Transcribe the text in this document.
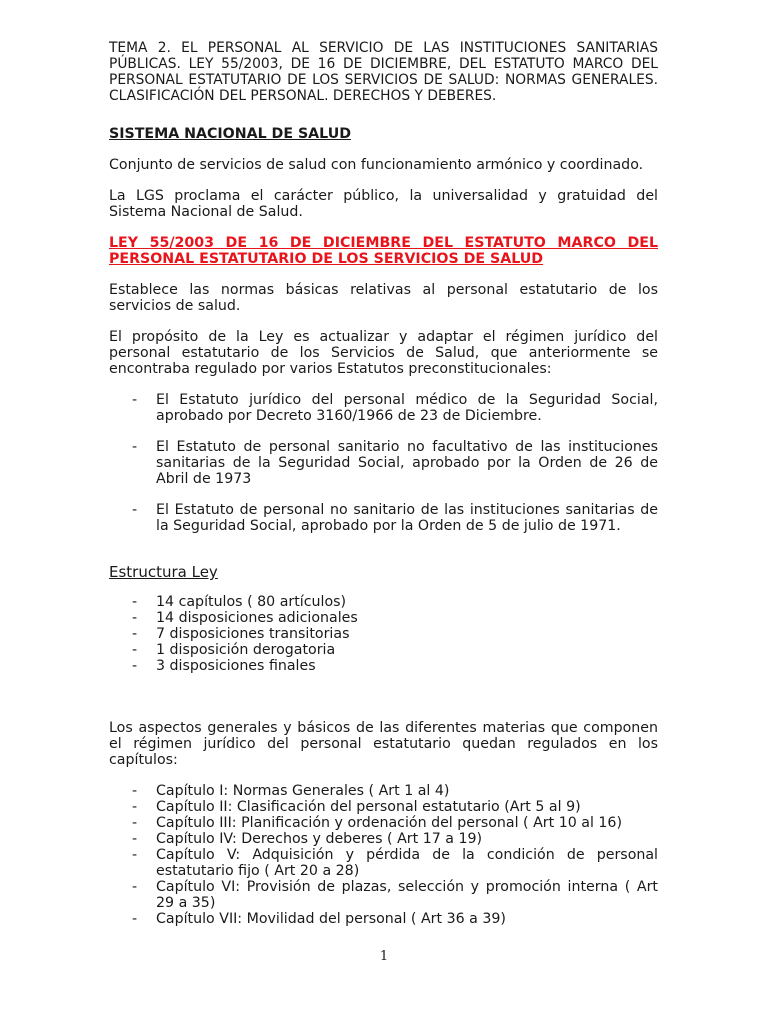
TEMA 2. EL PERSONAL AL SERVICIO DE LAS INSTITUCIONES SANITARIAS PÚBLICAS. LEY 55/2003, DE 16 DE DICIEMBRE, DEL ESTATUTO MARCO DEL PERSONAL ESTATUTARIO DE LOS SERVICIOS DE SALUD: NORMAS GENERALES. CLASIFICACIÓN DEL PERSONAL. DERECHOS Y DEBERES.

SISTEMA NACIONAL DE SALUD

Conjunto de servicios de salud con funcionamiento armónico y coordinado.

La LGS proclama el carácter público, la universalidad y gratuidad del Sistema Nacional de Salud.

LEY 55/2003 DE 16 DE DICIEMBRE DEL ESTATUTO MARCO DEL PERSONAL ESTATUTARIO DE LOS SERVICIOS DE SALUD

Establece las normas básicas relativas al personal estatutario de los servicios de salud.

El propósito de la Ley es actualizar y adaptar el régimen jurídico del personal estatutario de los Servicios de Salud, que anteriormente se encontraba regulado por varios Estatutos preconstitucionales:

- El Estatuto jurídico del personal médico de la Seguridad Social, aprobado por Decreto 3160/1966 de 23 de Diciembre.
- El Estatuto de personal sanitario no facultativo de las instituciones sanitarias de la Seguridad Social, aprobado por la Orden de 26 de Abril de 1973
- El Estatuto de personal no sanitario de las instituciones sanitarias de la Seguridad Social, aprobado por la Orden de 5 de julio de 1971.

Estructura Ley

- 14 capítulos ( 80 artículos)
- 14 disposiciones adicionales
- 7 disposiciones transitorias
- 1 disposición derogatoria
- 3 disposiciones finales

Los aspectos generales y básicos de las diferentes materias que componen el régimen jurídico del personal estatutario quedan regulados en los capítulos:

- Capítulo I: Normas Generales ( Art 1 al 4)
- Capítulo II: Clasificación del personal estatutario (Art 5 al 9)
- Capítulo III: Planificación y ordenación del personal ( Art 10 al 16)
- Capítulo IV: Derechos y deberes ( Art 17 a 19)
- Capítulo V: Adquisición y pérdida de la condición de personal estatutario fijo ( Art 20 a 28)
- Capítulo VI: Provisión de plazas, selección y promoción interna ( Art 29 a 35)
- Capítulo VII: Movilidad del personal ( Art 36 a 39)
1
